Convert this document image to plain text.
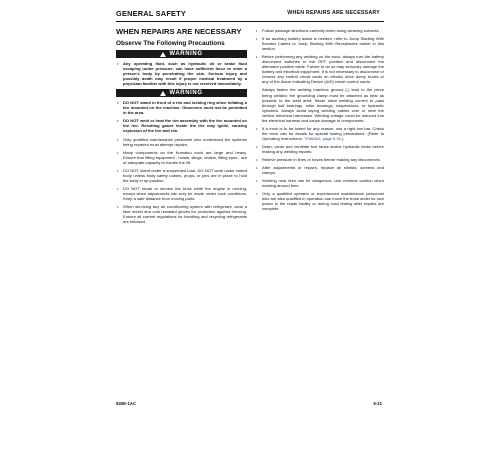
GENERAL SAFETY	WHEN REPAIRS ARE NECESSARY
WHEN REPAIRS ARE NECESSARY
Observe The Following Precautions
WARNING
• Any operating fluid, such as hydraulic oil or brake fluid escaping under pressure, can have sufficient force to enter a person's body by penetrating the skin. Serious injury and possibly death may result if proper medical treatment by a physician familiar with this injury is not received immediately.
WARNING
• DO NOT stand in front of a rim and locking ring when inflating a tire mounted on the machine. Observers must not be permitted in the area.
• DO NOT weld or heat the rim assembly with the tire mounted on the rim. Resulting gases inside the tire may ignite, causing explosion of the tire and rim.
• Only qualified maintenance personnel who understand the systems being repaired must attempt repairs.
• Many components on the Komatsu truck are large and heavy. Ensure that lifting equipment - hoists, slings, chains, lifting eyes - are of adequate capacity to handle the lift.
• DO NOT stand under a suspended load. DO NOT work under raised body unless body safety cables, props, or pins are in place to hold the body in up position.
• DO NOT repair or service the truck while the engine is running, except when adjustments can only be made under such conditions. Keep a safe distance from moving parts.
• When servicing any air conditioning system with refrigerant, wear a face shield and cold resistant gloves for protection against freezing. Ensure all current regulations for handling and recycling refrigerants are followed.
• Follow package directions carefully when using cleaning solvents.
• If an auxiliary battery assist is needed, refer to Jump Starting With Booster Cables or Jump Starting With Receptacles earlier in this section.
• Before performing any welding on the truck, always turn the battery disconnect switches to the OFF position and disconnect the alternator positive cable. Failure to do so may seriously damage the battery and electrical equipment. It is not necessary to disconnect or remove any control circuit cards on electric drive dump trucks or any of the Alarm Indicating Device (AID) circuit control cards.

Always fasten the welding machine ground (-) lead to the piece being welded; the grounding clamp must be attached as near as possible to the weld area. Never allow welding current to pass through ball bearings, roller bearings, suspensions, or hydraulic cylinders. Always avoid laying welding cables over or near the vehicle electrical harnesses. Welding voltage could be induced into the electrical harness and cause damage to components.

• If a truck is to be towed for any reason, use a rigid tow bar. Check the truck cab for decals for special towing precautions. (Refer to Operating Instructions- TOWING, page 5-31.)
• Drain, clean and ventilate fuel tanks and/or hydraulic tanks before making any welding repairs.
• Relieve pressure in lines or hoses before making any disconnects.
• After adjustments or repairs, replace all shields, screens and clamps.
• Working near tires can be dangerous. Use extreme caution when working around tires.
• Only a qualified operator or experienced maintenance personnel who are also qualified in operation can move the truck under its own power in the repair facility or during road testing after repairs are complete.
930E-1AC	5-21
